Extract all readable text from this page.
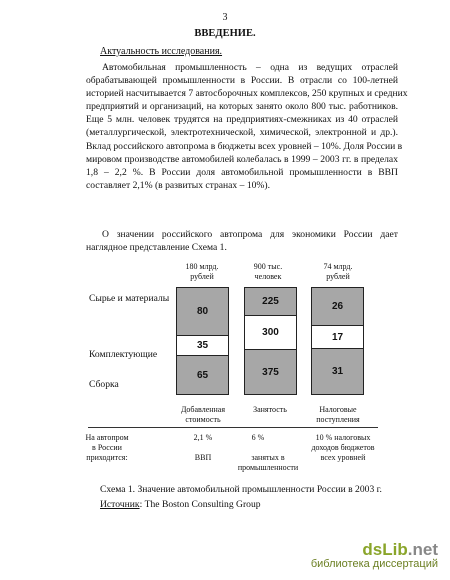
3
ВВЕДЕНИЕ.
Актуальность исследования.
Автомобильная промышленность – одна из ведущих отраслей
обрабатывающей промышленности в России. В отрасли со 100-летней
историей насчитывается 7 автосборочных комплексов, 250 крупных и средних
предприятий и организаций, на которых занято около 800 тыс. работников.
Еще 5 млн. человек трудятся на предприятиях-смежниках из 40 отраслей
(металлургической, электротехнической, химической, электронной и др.).
Вклад российского автопрома в бюджеты всех уровней – 10%. Доля России в
мировом производстве автомобилей колебалась в 1999 – 2003 гг. в пределах
1,8 – 2,2 %. В России доля автомобильной промышленности в ВВП
составляет 2,1% (в развитых странах – 10%).
О значении российского автопрома для экономики России дает
наглядное представление Схема 1.
180 млрд.
рублей
900 тыс.
человек
74 млрд.
рублей
Сырье и материалы
Комплектующие
Сборка
80
35
65
225
300
375
26
17
31
Добавленная
стоимость
Занятость	Налоговые
поступления
На автопром
в России
приходится:
2,1 %
ВВП
6 %
занятых в
промышленности
10 % налоговых
доходов бюджетов
всех уровней
Схема 1. Значение автомобильной промышленности России в 2003 г.
Источник: The Boston Consulting Group
dsLib.net
библиотека диссертаций
